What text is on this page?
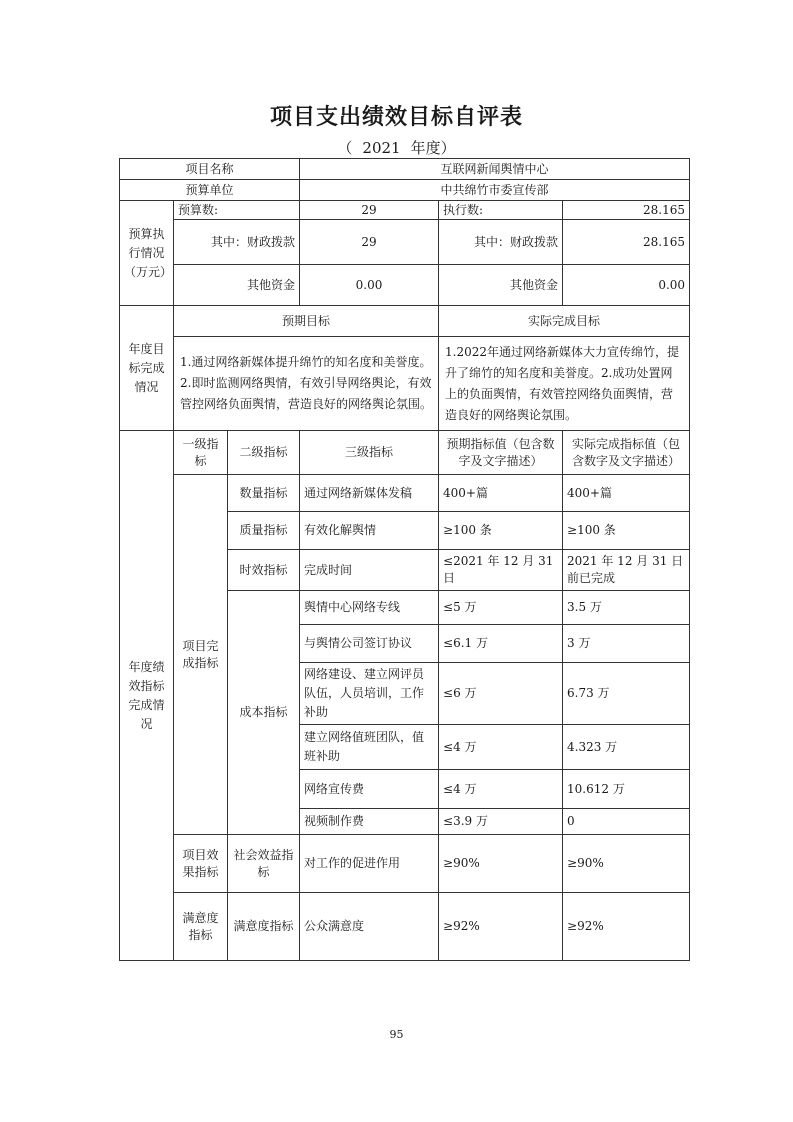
项目支出绩效目标自评表
（ 2021 年度）
项目名称			互联网新闻舆情中心		
预算单位			中共绵竹市委宣传部		
预算执行情况（万元）	预算数:		29	执行数:	28.165
	其中：财政拨款		29	其中：财政拨款	28.165
	其他资金		0.00	其他资金	0.00
年度目标完成情况	预期目标			实际完成目标	
	1.通过网络新媒体提升绵竹的知名度和美誉度。2.即时监测网络舆情，有效引导网络舆论，有效管控网络负面舆情，营造良好的网络舆论氛围。			1.2022年通过网络新媒体大力宣传绵竹，提升了绵竹的知名度和美誉度。2.成功处置网上的负面舆情，有效管控网络负面舆情，营造良好的网络舆论氛围。	
年度绩效指标完成情况	一级指标	二级指标	三级指标	预期指标值（包含数字及文字描述）	实际完成指标值（包含数字及文字描述）
	项目完成指标	数量指标	通过网络新媒体发稿	400+篇	400+篇
		质量指标	有效化解舆情	≥100 条	≥100 条
		时效指标	完成时间	≤2021 年 12 月 31 日	2021 年 12 月 31 日前已完成
		成本指标	舆情中心网络专线	≤5 万	3.5 万
			与舆情公司签订协议	≤6.1 万	3 万
			网络建设、建立网评员队伍，人员培训，工作补助	≤6 万	6.73 万
			建立网络值班团队，值班补助	≤4 万	4.323 万
			网络宣传费	≤4 万	10.612 万
			视频制作费	≤3.9 万	0
	项目效果指标	社会效益指标	对工作的促进作用	≥90%	≥90%
	满意度指标	满意度指标	公众满意度	≥92%	≥92%
95
